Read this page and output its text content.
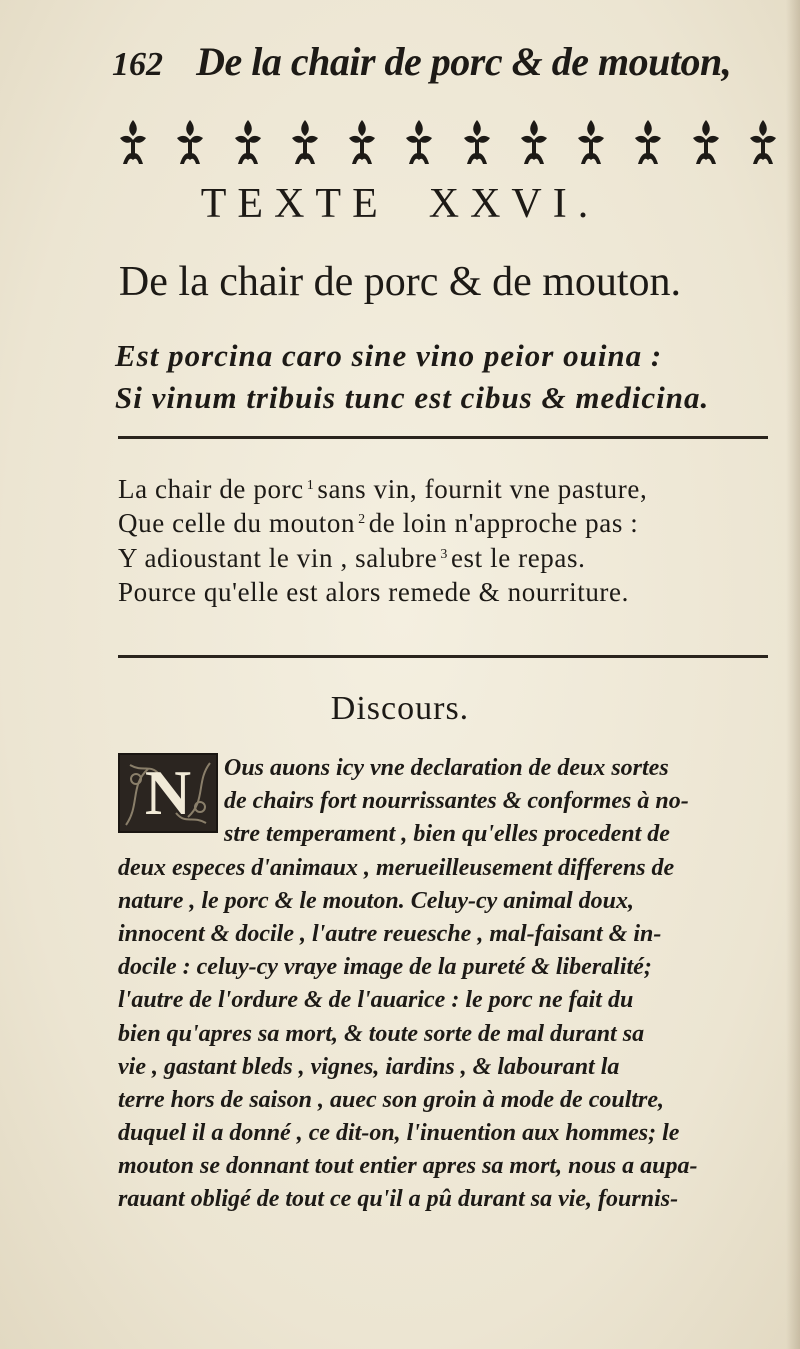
162 De la chair de porc & de mouton,
TEXTE XXVI.
De la chair de porc & de mouton.
Est porcina caro sine vino peior ouina :
Si vinum tribuis tunc est cibus & medicina.
La chair de porc $^1$ sans vin, fournit vne pasture,
Que celle du mouton $^2$ de loin n'approche pas :
Y adioustant le vin , salubre $^3$ est le repas.
Pource qu'elle est alors remede & nourriture.
Discours.
N	Ous auons icy vne declaration de deux sortes
de chairs fort nourrissantes & conformes à no-
stre temperament , bien qu'elles procedent de
deux especes d'animaux , merueilleusement differens de
nature , le porc & le mouton. Celuy-cy animal doux,
innocent & docile , l'autre reuesche , mal-faisant & in-
docile : celuy-cy vraye image de la pureté & liberalité;
l'autre de l'ordure & de l'auarice : le porc ne fait du
bien qu'apres sa mort, & toute sorte de mal durant sa
vie , gastant bleds , vignes, iardins , & labourant la
terre hors de saison , auec son groin à mode de coultre,
duquel il a donné , ce dit-on, l'inuention aux hommes; le
mouton se donnant tout entier apres sa mort, nous a aupa-
rauant obligé de tout ce qu'il a pû durant sa vie, fournis-
